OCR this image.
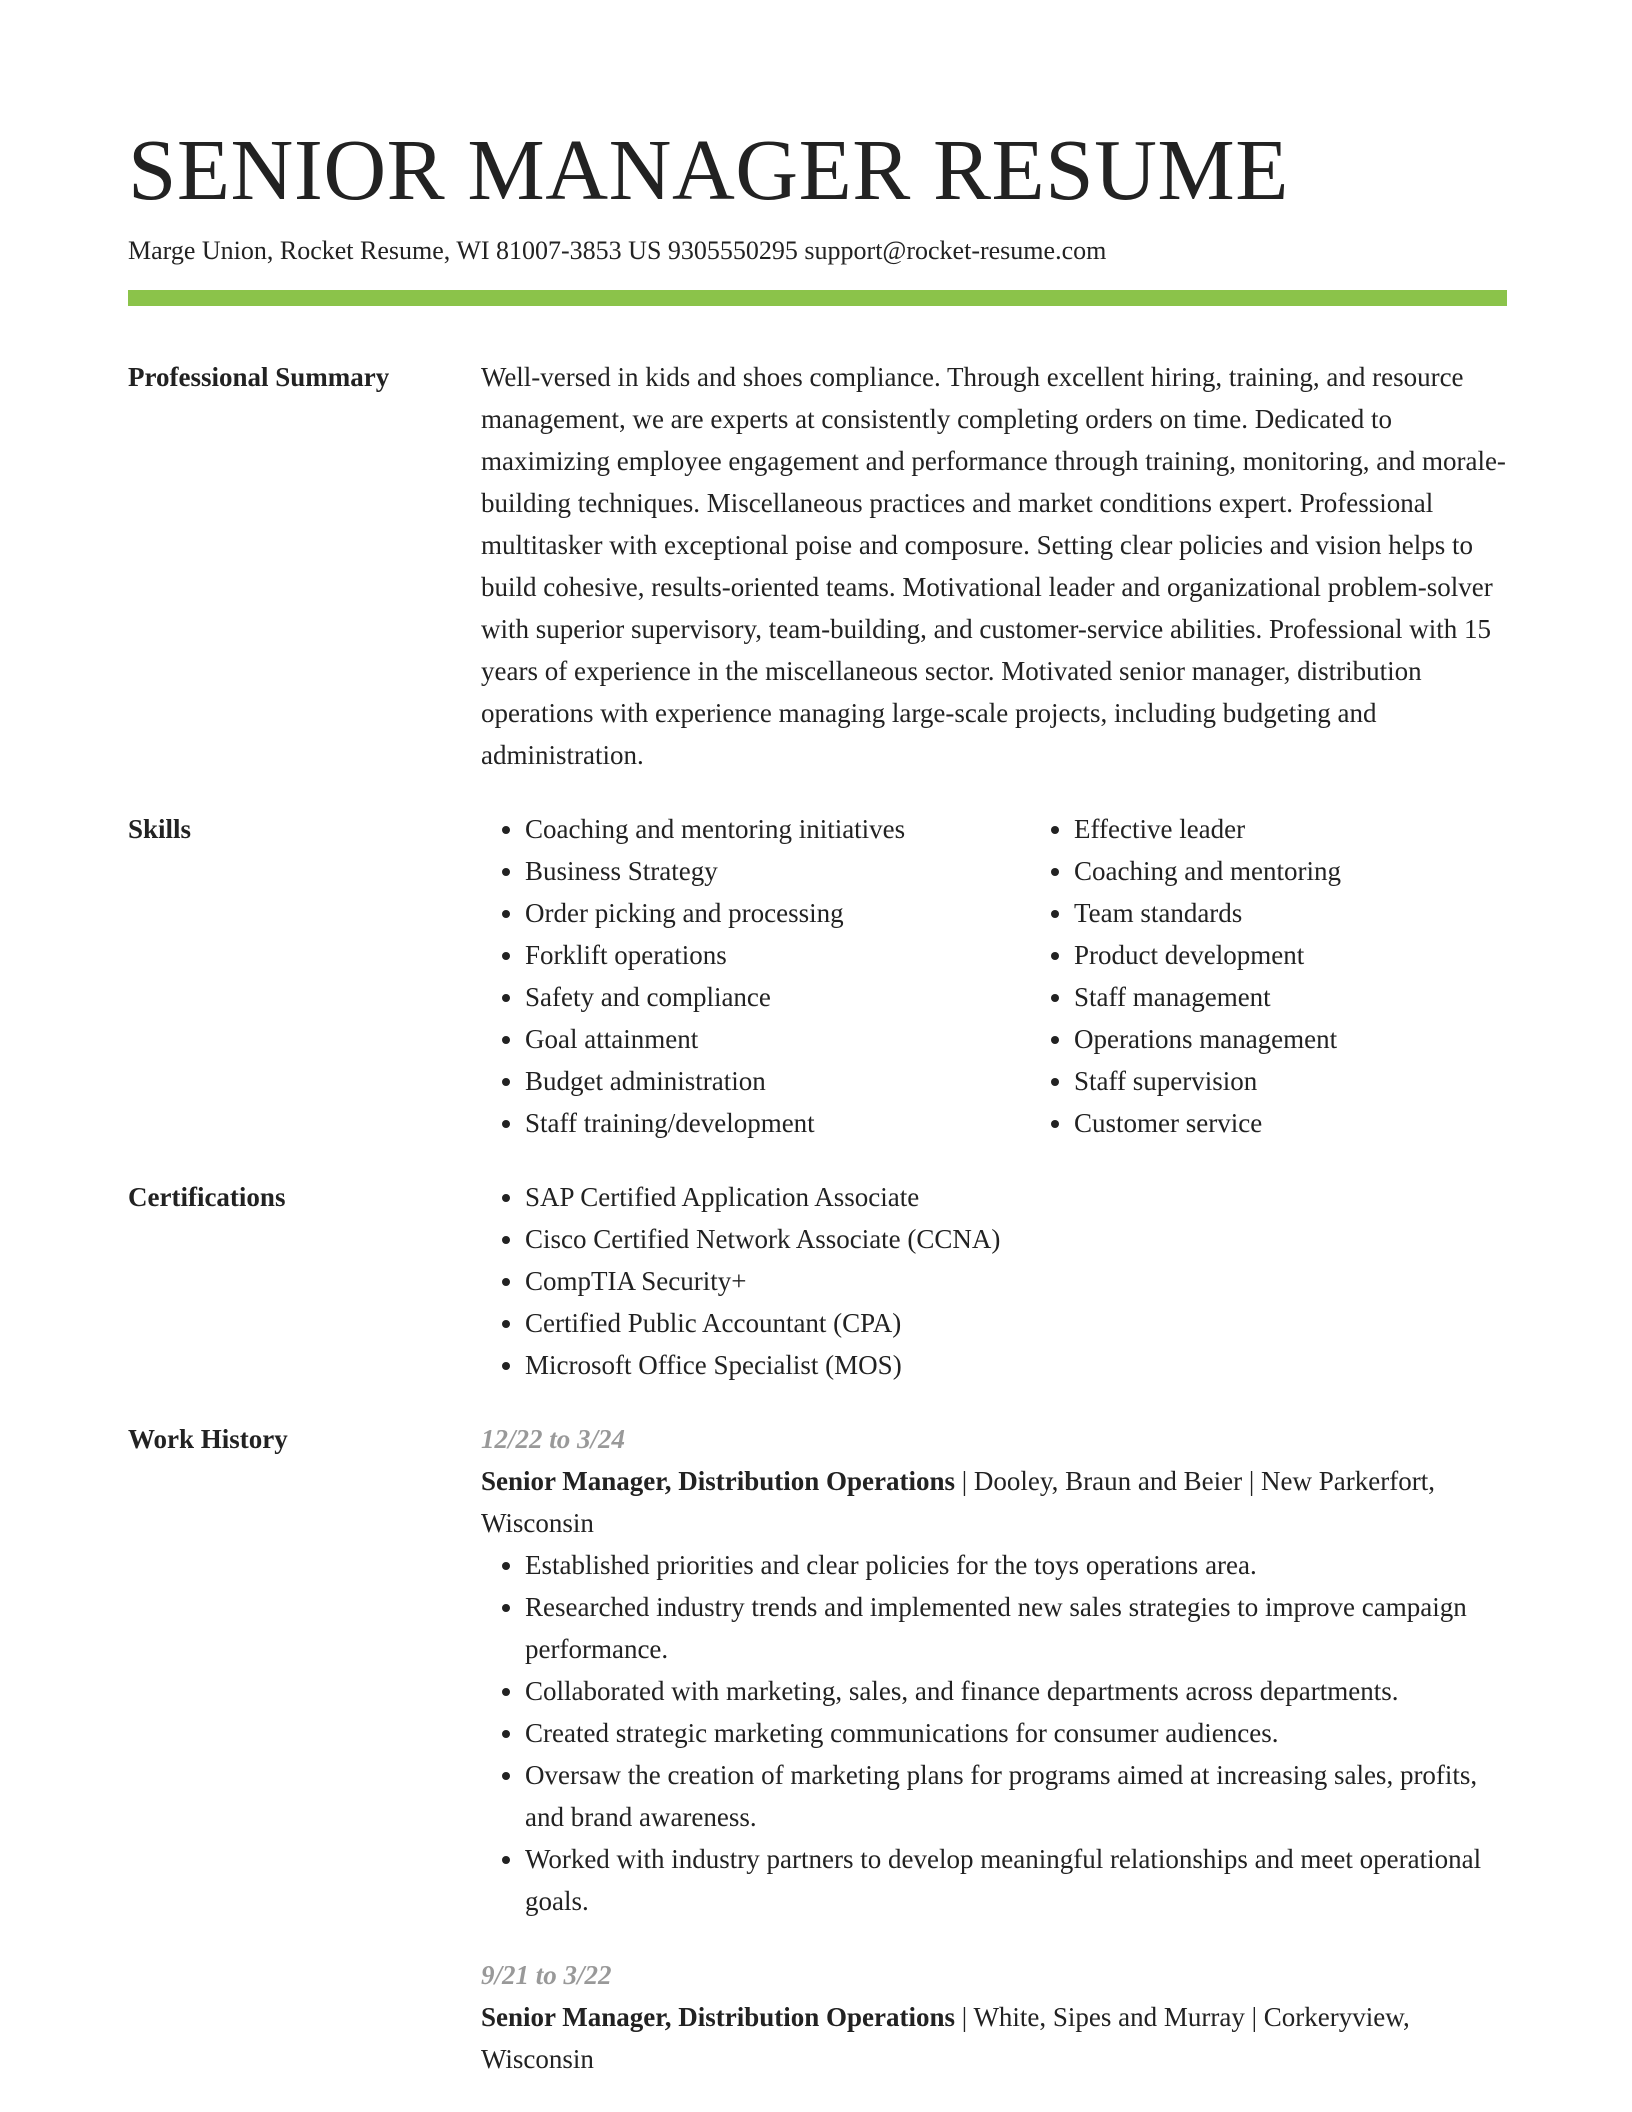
SENIOR MANAGER RESUME
Marge Union, Rocket Resume, WI 81007-3853 US 9305550295 support@rocket-resume.com
Professional Summary	Well-versed in kids and shoes compliance. Through excellent hiring, training, and resource management, we are experts at consistently completing orders on time. Dedicated to maximizing employee engagement and performance through training, monitoring, and morale-building techniques. Miscellaneous practices and market conditions expert. Professional multitasker with exceptional poise and composure. Setting clear policies and vision helps to build cohesive, results-oriented teams. Motivational leader and organizational problem-solver with superior supervisory, team-building, and customer-service abilities. Professional with 15 years of experience in the miscellaneous sector. Motivated senior manager, distribution operations with experience managing large-scale projects, including budgeting and administration.

Skills	• Coaching and mentoring initiatives
• Business Strategy
• Order picking and processing
• Forklift operations
• Safety and compliance
• Goal attainment
• Budget administration
• Staff training/development
• Effective leader
• Coaching and mentoring
• Team standards
• Product development
• Staff management
• Operations management
• Staff supervision
• Customer service
Certifications	• SAP Certified Application Associate
• Cisco Certified Network Associate (CCNA)
• CompTIA Security+
• Certified Public Accountant (CPA)
• Microsoft Office Specialist (MOS)
Work History	12/22 to 3/24
Senior Manager, Distribution Operations | Dooley, Braun and Beier | New Parkerfort, Wisconsin
• Established priorities and clear policies for the toys operations area.
• Researched industry trends and implemented new sales strategies to improve campaign performance.
• Collaborated with marketing, sales, and finance departments across departments.
• Created strategic marketing communications for consumer audiences.
• Oversaw the creation of marketing plans for programs aimed at increasing sales, profits, and brand awareness.
• Worked with industry partners to develop meaningful relationships and meet operational goals.
9/21 to 3/22
Senior Manager, Distribution Operations | White, Sipes and Murray | Corkeryview, Wisconsin
